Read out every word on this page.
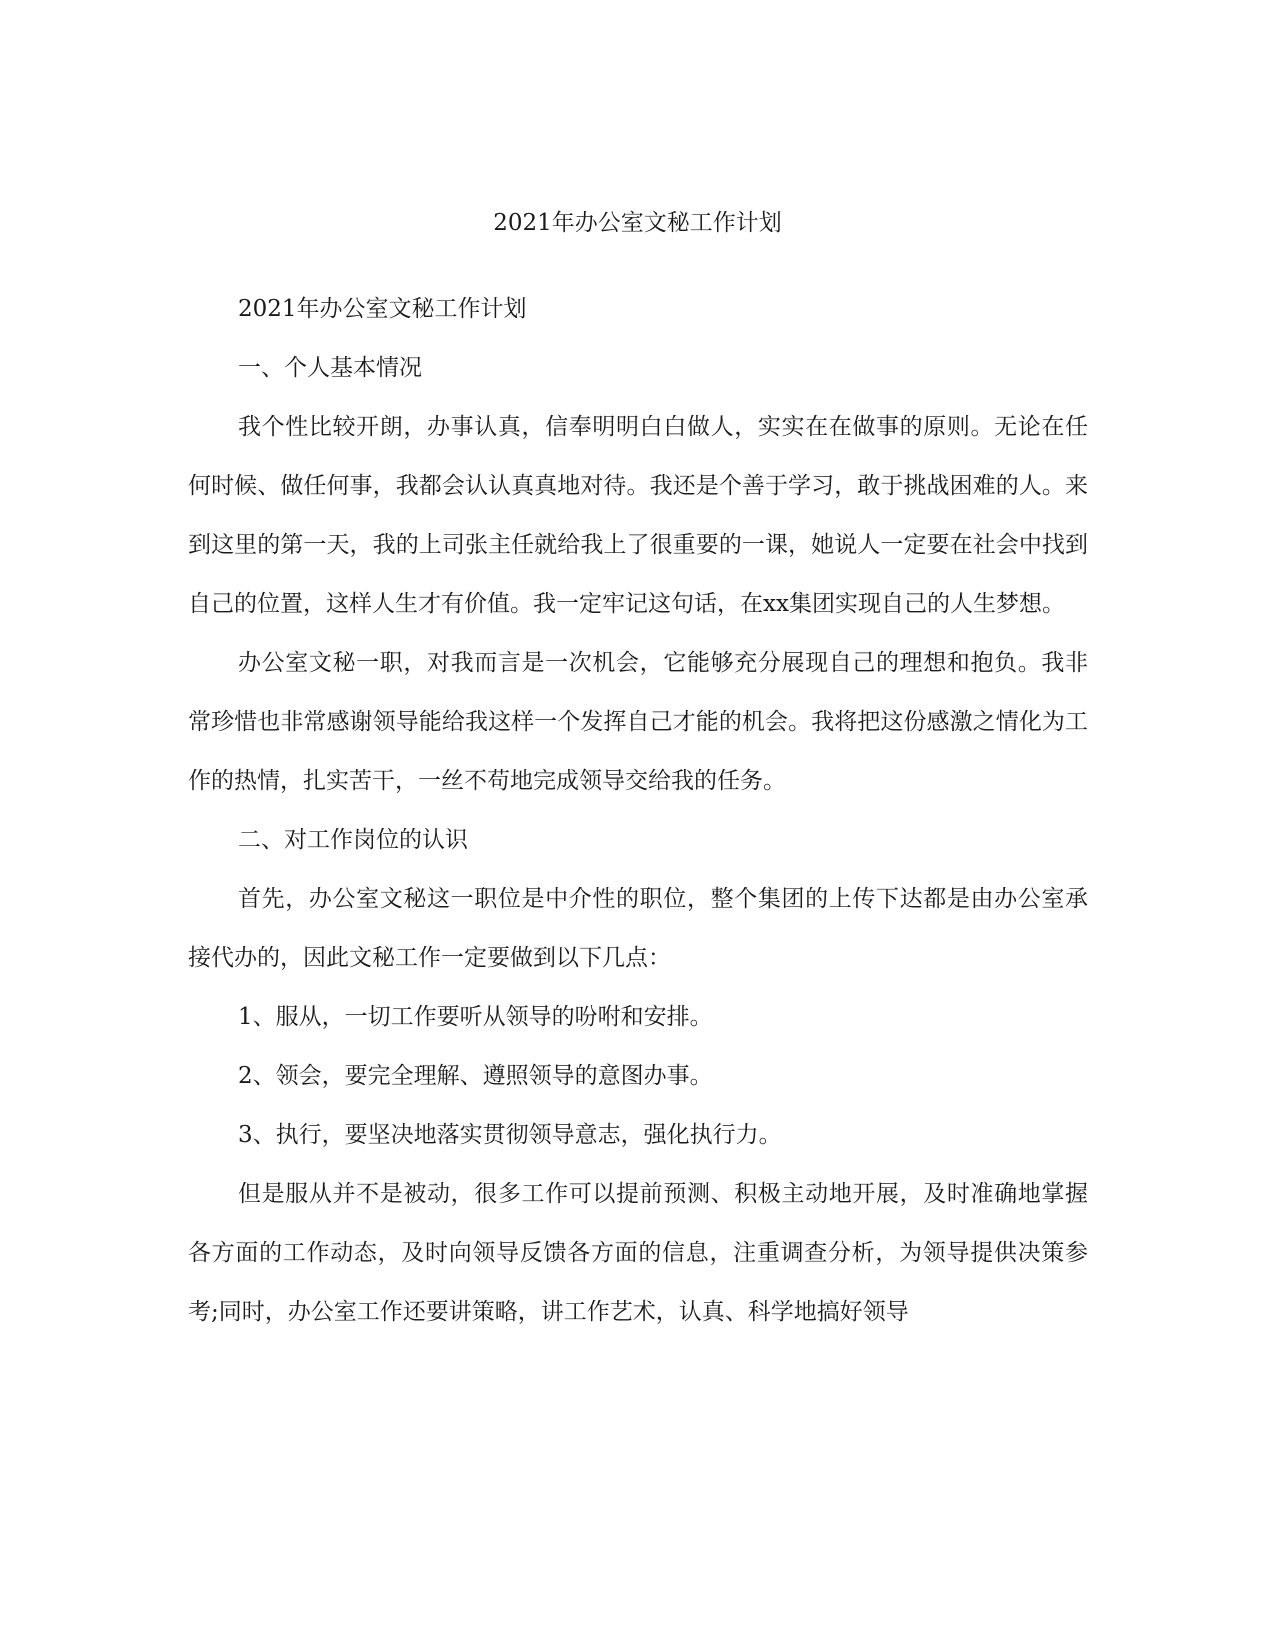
2021年办公室文秘工作计划

2021年办公室文秘工作计划

一、个人基本情况

我个性比较开朗，办事认真，信奉明明白白做人，实实在在做事的原则。无论在任何时候、做任何事，我都会认认真真地对待。我还是个善于学习，敢于挑战困难的人。来到这里的第一天，我的上司张主任就给我上了很重要的一课，她说人一定要在社会中找到自己的位置，这样人生才有价值。我一定牢记这句话，在xx集团实现自己的人生梦想。

办公室文秘一职，对我而言是一次机会，它能够充分展现自己的理想和抱负。我非常珍惜也非常感谢领导能给我这样一个发挥自己才能的机会。我将把这份感激之情化为工作的热情，扎实苦干，一丝不苟地完成领导交给我的任务。

二、对工作岗位的认识

首先，办公室文秘这一职位是中介性的职位，整个集团的上传下达都是由办公室承接代办的，因此文秘工作一定要做到以下几点：

1、服从，一切工作要听从领导的吩咐和安排。

2、领会，要完全理解、遵照领导的意图办事。

3、执行，要坚决地落实贯彻领导意志，强化执行力。

但是服从并不是被动，很多工作可以提前预测、积极主动地开展，及时准确地掌握各方面的工作动态，及时向领导反馈各方面的信息，注重调查分析，为领导提供决策参考;同时，办公室工作还要讲策略，讲工作艺术，认真、科学地搞好领导
